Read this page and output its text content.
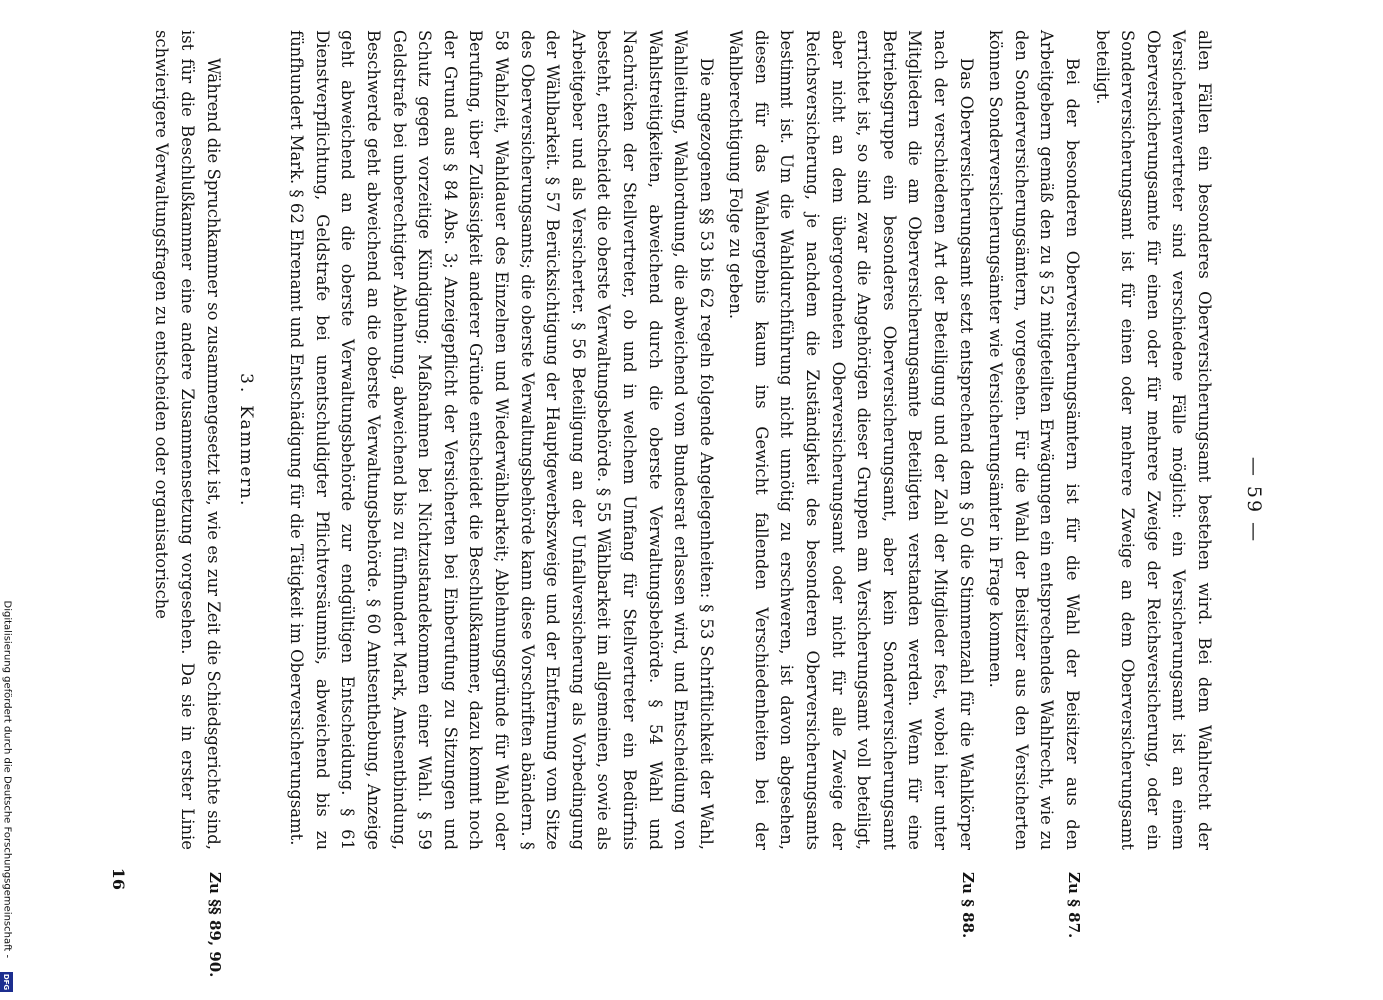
— 59 —

allen Fällen ein besonderes Oberversicherungsamt bestehen wird. Bei dem Wahlrecht der Versichertenvertreter sind verschiedene Fälle möglich: ein Versicherungsamt ist an einem Oberversicherungsamte für einen oder für mehrere Zweige der Reichsversicherung, oder ein Sonderversicherungsamt ist für einen oder mehrere Zweige an dem Oberversicherungsamt beteiligt.

Bei der besonderen Oberversicherungsämtern ist für die Wahl der Beisitzer aus den Arbeitgebern gemäß den zu § 52 mitgeteilten Erwägungen ein entsprechendes Wahlrecht, wie zu den Sonderversicherungsämtern, vorgesehen. Für die Wahl der Beisitzer aus den Versicherten können Sonderversicherungsämter wie Versicherungsämter in Frage kommen.

Zu § 87.

Das Oberversicherungsamt setzt entsprechend dem § 50 die Stimmenzahl für die Wahlkörper nach der verschiedenen Art der Beteiligung und der Zahl der Mitglieder fest, wobei hier unter Mitgliedern die am Oberversicherungsamte Beteiligten verstanden werden. Wenn für eine Betriebsgruppe ein besonderes Oberversicherungsamt, aber kein Sonderversicherungsamt errichtet ist, so sind zwar die Angehörigen dieser Gruppen am Versicherungsamt voll beteiligt, aber nicht an dem übergeordneten Oberversicherungsamt oder nicht für alle Zweige der Reichsversicherung, je nachdem die Zuständigkeit des besonderen Oberversicherungsamts bestimmt ist. Um die Wahldurchführung nicht unnötig zu erschweren, ist davon abgesehen, diesen für das Wahlergebnis kaum ins Gewicht fallenden Verschiedenheiten bei der Wahlberechtigung Folge zu geben.

Zu § 88.

Die angezogenen §§ 53 bis 62 regeln folgende Angelegenheiten: § 53 Schriftlichkeit der Wahl, Wahlleitung, Wahlordnung, die abweichend vom Bundesrat erlassen wird, und Entscheidung von Wahlstreitigkeiten, abweichend durch die oberste Verwaltungsbehörde. § 54 Wahl und Nachrücken der Stellvertreter, ob und in welchem Umfang für Stellvertreter ein Bedürfnis besteht, entscheidet die oberste Verwaltungsbehörde. § 55 Wählbarkeit im allgemeinen, sowie als Arbeitgeber und als Versicherter. § 56 Beteiligung an der Unfallversicherung als Vorbedingung der Wählbarkeit. § 57 Berücksichtigung der Hauptgewerbszweige und der Entfernung vom Sitze des Oberversicherungsamts; die oberste Verwaltungsbehörde kann diese Vorschriften abändern. § 58 Wahlzeit, Wahldauer des Einzelnen und Wiederwählbarkeit; Ablehnungsgründe für Wahl oder Berufung, über Zulässigkeit anderer Gründe entscheidet die Beschlußkammer, dazu kommt noch der Grund aus § 84 Abs. 3; Anzeigepflicht der Versicherten bei Einberufung zu Sitzungen und Schutz gegen vorzeitige Kündigung; Maßnahmen bei Nichtzustandekommen einer Wahl. § 59 Geldstrafe bei unberechtigter Ablehnung, abweichend bis zu fünfhundert Mark, Amtsentbindung, Beschwerde geht abweichend an die oberste Verwaltungsbehörde. § 60 Amtsenthebung, Anzeige geht abweichend an die oberste Verwaltungsbehörde zur endgültigen Entscheidung. § 61 Dienstverpflichtung, Geldstrafe bei unentschuldigter Pflichtversäumnis, abweichend bis zu fünfhundert Mark. § 62 Ehrenamt und Entschädigung für die Tätigkeit im Oberversicherungsamt.

3.Kammern.

Während die Spruchkammer so zusammengesetzt ist, wie es zur Zeit die Schiedsgerichte sind, ist für die Beschlußkammer eine andere Zusammensetzung vorgesehen. Da sie in erster Linie schwierigere Verwaltungsfragen zu entscheiden oder organisatorische

Zu §§ 89, 90.
16
Digitalisierung gefördert durch die Deutsche Forschungsgemeinschaft -
DFG
